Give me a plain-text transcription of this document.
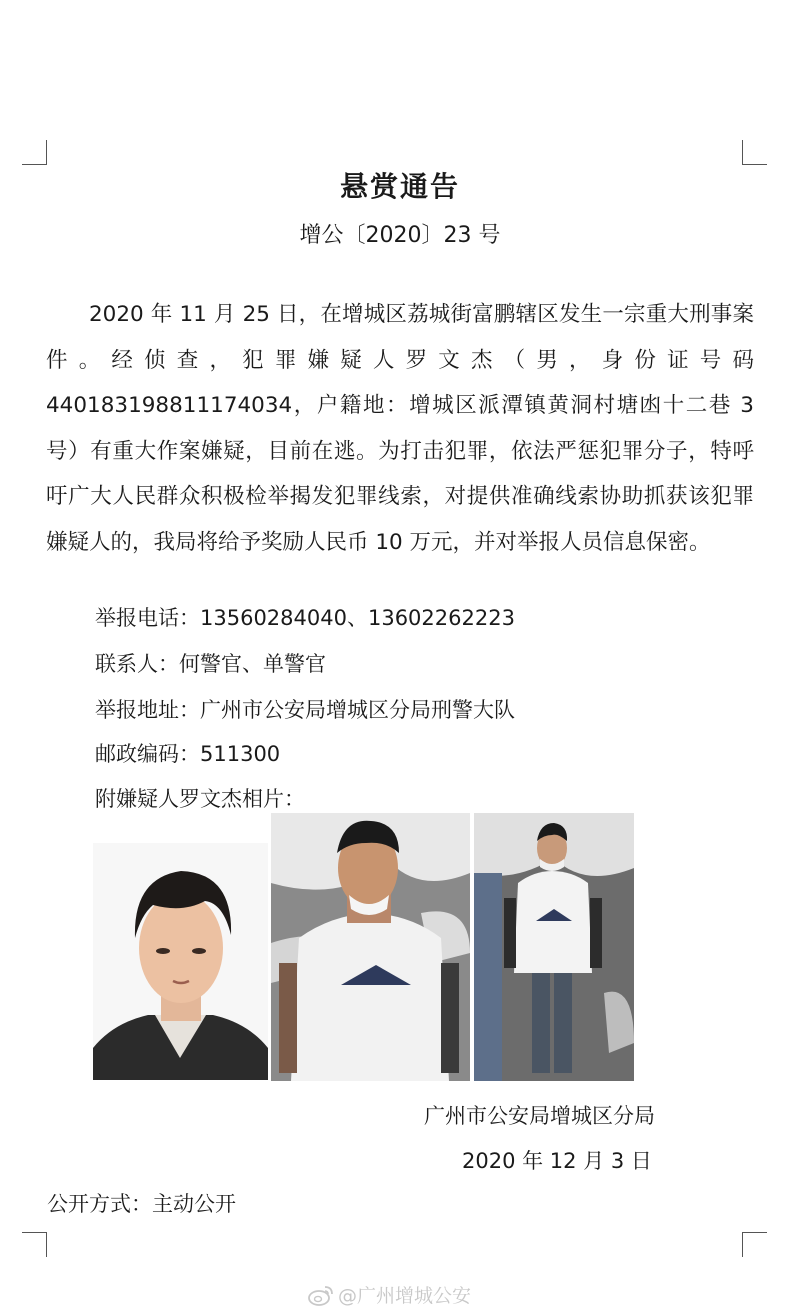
悬赏通告
增公〔2020〕23 号

2020 年 11 月 25 日，在增城区荔城街富鹏辖区发生一宗重大刑事案件。经侦查，犯罪嫌疑人罗文杰（男，身份证号码 440183198811174034，户籍地：增城区派潭镇黄洞村塘凼十二巷 3 号）有重大作案嫌疑，目前在逃。为打击犯罪，依法严惩犯罪分子，特呼吁广大人民群众积极检举揭发犯罪线索，对提供准确线索协助抓获该犯罪嫌疑人的，我局将给予奖励人民币 10 万元，并对举报人员信息保密。

举报电话：13560284040、13602262223
联系人：何警官、单警官
举报地址：广州市公安局增城区分局刑警大队
邮政编码：511300
附嫌疑人罗文杰相片：
广州市公安局增城区分局
2020 年 12 月 3 日
公开方式：主动公开
@广州增城公安
